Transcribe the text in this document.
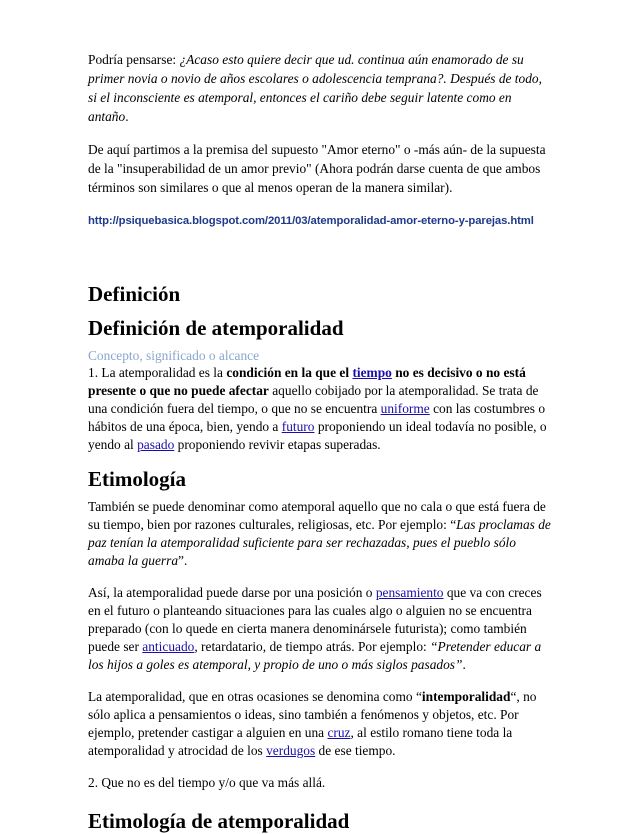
Podría pensarse: ¿Acaso esto quiere decir que ud. continua aún enamorado de su primer novia o novio de años escolares o adolescencia temprana?. Después de todo, si el inconsciente es atemporal, entonces el cariño debe seguir latente como en antaño.

De aquí partimos a la premisa del supuesto "Amor eterno" o -más aún- de la supuesta de la "insuperabilidad de un amor previo" (Ahora podrán darse cuenta de que ambos términos son similares o que al menos operan de la manera similar).

http://psiquebasica.blogspot.com/2011/03/atemporalidad-amor-eterno-y-parejas.html

Definición
Definición de atemporalidad

Concepto, significado o alcance

1. La atemporalidad es la condición en la que el tiempo no es decisivo o no está presente o que no puede afectar aquello cobijado por la atemporalidad. Se trata de una condición fuera del tiempo, o que no se encuentra uniforme con las costumbres o hábitos de una época, bien, yendo a futuro proponiendo un ideal todavía no posible, o yendo al pasado proponiendo revivir etapas superadas.

Etimología

También se puede denominar como atemporal aquello que no cala o que está fuera de su tiempo, bien por razones culturales, religiosas, etc. Por ejemplo: “Las proclamas de paz tenían la atemporalidad suficiente para ser rechazadas, pues el pueblo sólo amaba la guerra”.

Así, la atemporalidad puede darse por una posición o pensamiento que va con creces en el futuro o planteando situaciones para las cuales algo o alguien no se encuentra preparado (con lo quede en cierta manera denominársele futurista); como también puede ser anticuado, retardatario, de tiempo atrás. Por ejemplo: “Pretender educar a los hijos a goles es atemporal, y propio de uno o más siglos pasados”.

La atemporalidad, que en otras ocasiones se denomina como “intemporalidad“, no sólo aplica a pensamientos o ideas, sino también a fenómenos y objetos, etc. Por ejemplo, pretender castigar a alguien en una cruz, al estilo romano tiene toda la atemporalidad y atrocidad de los verdugos de ese tiempo.

2. Que no es del tiempo y/o que va más allá.

Etimología de atemporalidad
